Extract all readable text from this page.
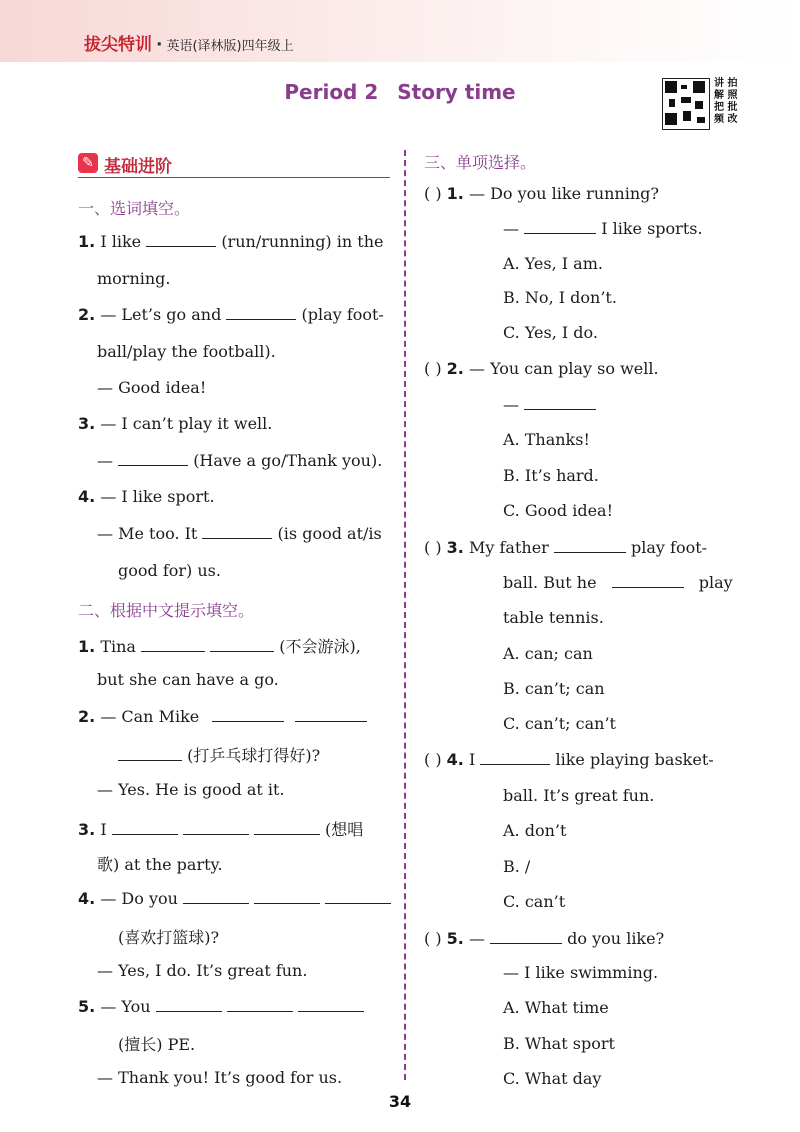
拔尖特训 · 英语(译林版)四年级上
Period 2 Story time	讲 拍 解 照 把 批 频 改
✎ 基础进阶
一、选词填空。
1. I like	(run/running) in the
morning.
2. — Let’s go and	(play foot-
ball/play the football).
— Good idea!
3. — I can’t play it well.
—	(Have a go/Thank you).
4. — I like sport.
— Me too. It	(is good at/is
good for) us.
二、根据中文提示填空。
1. Tina	(不会游泳),
but she can have a go.
2. — Can Mike
(打乒乓球打得好)?
— Yes. He is good at it.
3. I	(想唱
歌) at the party.
4. — Do you
(喜欢打篮球)?
— Yes, I do. It’s great fun.
5. — You
(擅长) PE.
— Thank you! It’s good for us.
三、单项选择。
( ) 1. — Do you like running?
—	I like sports.
A. Yes, I am.
B. No, I don’t.
C. Yes, I do.
( ) 2. — You can play so well.
—
A. Thanks!
B. It’s hard.
C. Good idea!
( ) 3. My father	play foot-
ball. But he	play
table tennis.
A. can; can
B. can’t; can
C. can’t; can’t
( ) 4. I	like playing basket-
ball. It’s great fun.
A. don’t
B. /
C. can’t
( ) 5. —	do you like?
— I like swimming.
A. What time
B. What sport
C. What day
34
